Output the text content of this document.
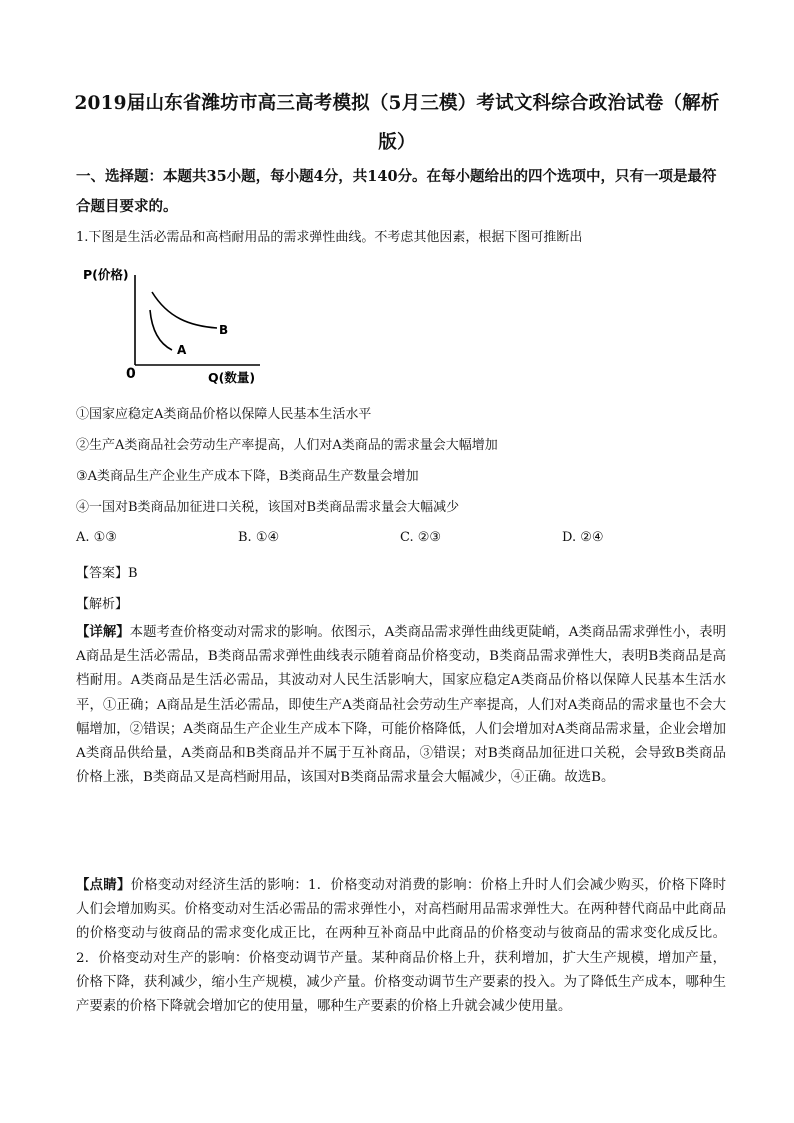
2019届山东省潍坊市高三高考模拟（5月三模）考试文科综合政治试卷（解析版）
一、选择题：本题共35小题，每小题4分，共140分。在每小题给出的四个选项中，只有一项是最符合题目要求的。
1.下图是生活必需品和高档耐用品的需求弹性曲线。不考虑其他因素，根据下图可推断出
P(价格)
0	Q(数量)
A
B
①国家应稳定A类商品价格以保障人民基本生活水平
②生产A类商品社会劳动生产率提高，人们对A类商品的需求量会大幅增加
③A类商品生产企业生产成本下降，B类商品生产数量会增加
④一国对B类商品加征进口关税，该国对B类商品需求量会大幅减少
A. ①③	B. ①④	C. ②③	D. ②④
【答案】B
【解析】
【详解】本题考查价格变动对需求的影响。依图示，A类商品需求弹性曲线更陡峭，A类商品需求弹性小，表明A商品是生活必需品，B类商品需求弹性曲线表示随着商品价格变动，B类商品需求弹性大，表明B类商品是高档耐用。A类商品是生活必需品，其波动对人民生活影响大，国家应稳定A类商品价格以保障人民基本生活水平，①正确；A商品是生活必需品，即使生产A类商品社会劳动生产率提高，人们对A类商品的需求量也不会大幅增加，②错误；A类商品生产企业生产成本下降，可能价格降低，人们会增加对A类商品需求量，企业会增加A类商品供给量，A类商品和B类商品并不属于互补商品，③错误；对B类商品加征进口关税，会导致B类商品价格上涨，B类商品又是高档耐用品，该国对B类商品需求量会大幅减少，④正确。故选B。
【点睛】价格变动对经济生活的影响：1．价格变动对消费的影响：价格上升时人们会减少购买，价格下降时人们会增加购买。价格变动对生活必需品的需求弹性小，对高档耐用品需求弹性大。在两种替代商品中此商品的价格变动与彼商品的需求变化成正比，在两种互补商品中此商品的价格变动与彼商品的需求变化成反比。2．价格变动对生产的影响：价格变动调节产量。某种商品价格上升，获利增加，扩大生产规模，增加产量，价格下降，获利减少，缩小生产规模，减少产量。价格变动调节生产要素的投入。为了降低生产成本，哪种生产要素的价格下降就会增加它的使用量，哪种生产要素的价格上升就会减少使用量。
